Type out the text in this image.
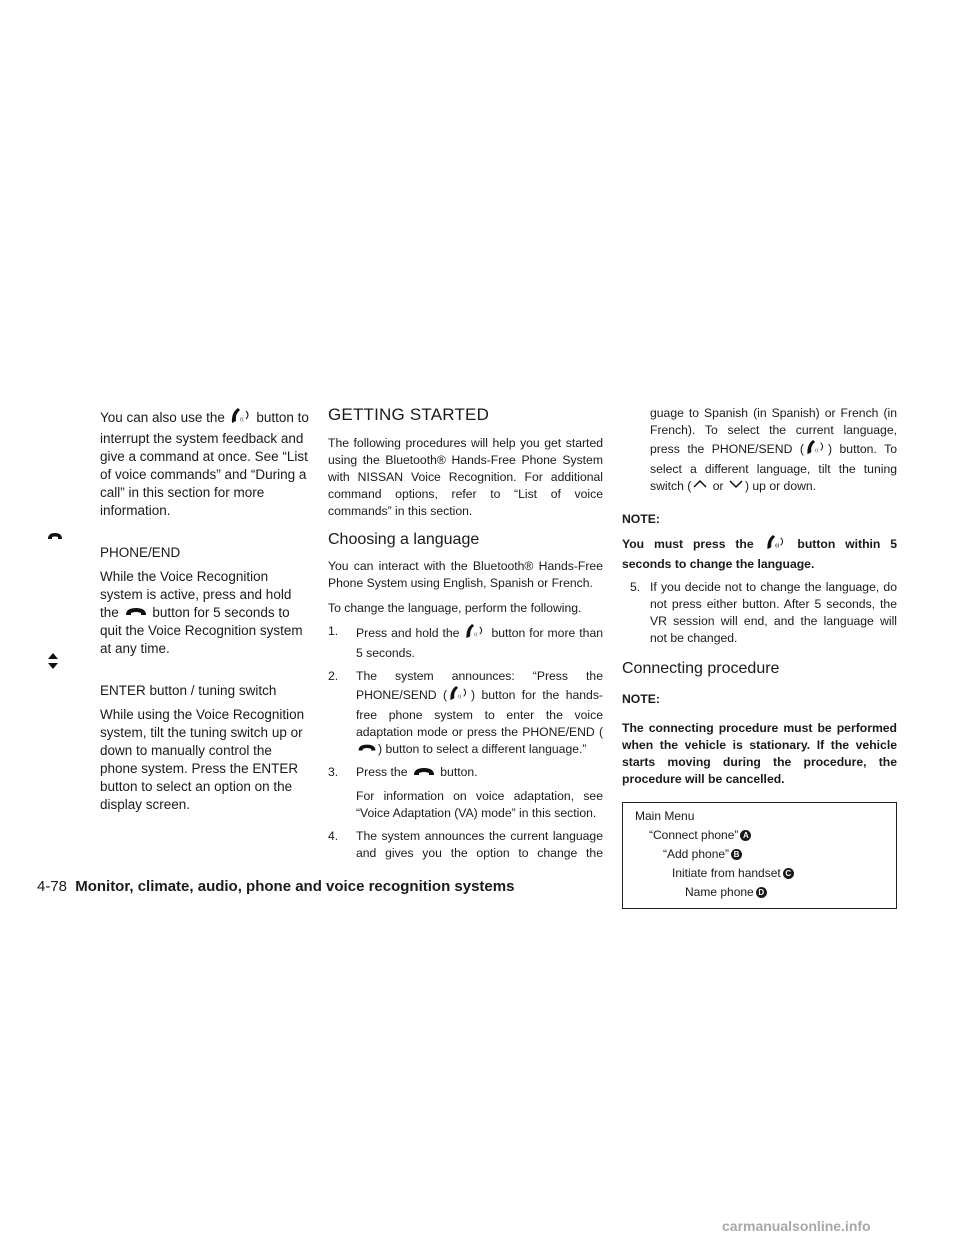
You can also use the	(( button to interrupt the system feedback and give a command at once. See “List of voice commands” and “During a call” in this section for more information.

PHONE/END

While the Voice Recognition system is active, press and hold the button for 5 seconds to quit the Voice Recognition system at any time.

ENTER button / tuning switch

While using the Voice Recognition system, tilt the tuning switch up or down to manually control the phone system. Press the ENTER button to select an option on the display screen.

GETTING STARTED

The following procedures will help you get started using the Bluetooth® Hands-Free Phone System with NISSAN Voice Recognition. For additional command options, refer to “List of voice commands” in this section.

Choosing a language

You can interact with the Bluetooth® Hands-Free Phone System using English, Spanish or French.

To change the language, perform the following.

1.	Press and hold the	(( button for more than 5 seconds.
2.	The system announces: “Press the PHONE/SEND ( (( ) button for the hands-free phone system to enter the voice adaptation mode or press the PHONE/END () button to select a different language.”
3.	Press the	button.

For information on voice adaptation, see “Voice Adaptation (VA) mode” in this section.

4.	The system announces the current language and gives you the option to change the

guage to Spanish (in Spanish) or French (in French). To select the current language, press the PHONE/SEND ( (( ) button. To select a different language, tilt the tuning switch ( or ) up or down.

NOTE:

You must press the	(( button within 5 seconds to change the language.

5. If you decide not to change the language, do not press either button. After 5 seconds, the VR session will end, and the language will not be changed.
Connecting procedure

NOTE:

The connecting procedure must be performed when the vehicle is stationary. If the vehicle starts moving during the procedure, the procedure will be cancelled.

Main Menu
“Connect phone” A
“Add phone” B
Initiate from handset C
Name phone D
4-78 Monitor, climate, audio, phone and voice recognition systems
carmanualsonline.info
